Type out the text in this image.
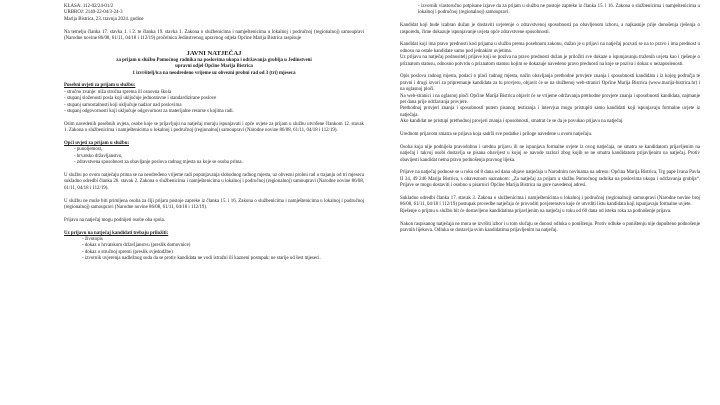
KLASA: 112-02/24-01/2

URBROJ: 2140-22-04/3-24-3

Marija Bistrica, 23. travnja 2024. godine

Na temelju članka 17. stavka 1. i 2. te članka 19. stavka 1. Zakona o službenicima i namještenicima u lokalnoj i područnoj (regionalnoj) samoupravi (Narodne novine 86/08, 61/11, 04/18 i 112/19) pročelnica Jedinstvenog upravnog odjela Općine Marija Bistrica raspisuje

JAVNI NATJEČAJ

za prijam u službu Pomoćnog radnika na poslovima ukopa i održavanja groblja u Jedinstveni

upravni odjel Općine Marija Bistrica

1 izvršitelj/ica na neodređeno vrijeme uz obvezni probni rad od 3 (tri) mjeseca

Posebni uvjeti za prijam u službu:

- stručno zvanje: niža stručna sprema ili osnovna škola

- stupanj složenosti posla koji uključuje jednostavne i standardizirane poslove

- stupanj samostalnosti koji uključuje nadzor nad poslovima

- stupanj odgovornosti koji uključuje odgovornost za materijalne resurse s kojima radi.

Osim navedenih posebnih uvjeta, osobe koje se prijavljuju na natječaj moraju ispunjavati i opće uvjete za prijam u službu utvrđene člankom 12. stavak 1. Zakona o službenicima i namještenicima u lokalnoj i područnoj (regionalnoj) samoupravi (Narodne novine 86/08, 61/11, 04/18 i 112/19).

Opći uvjeti za prijam u službu:

- punoljetnost,

- hrvatsko državljanstvo,

- zdravstvena sposobnost za obavljanje poslova radnog mjesta na koje se osoba prima.

U službu po ovom natječaju prima se na neodređeno vrijeme radi popunjavanja slobodnog radnog mjesta, uz obvezni probni rad u trajanju od tri mjeseca sukladno odredbi članka 26. stavak 2. Zakona o službenicima i namještenicima u lokalnoj i područnoj (regionalnoj) samoupravi (Narodne novine 86/08, 61/11, 04/18 i 112/19).

U službu ne može biti primljena osoba za čiji prijam postoje zapreke iz članka 15. i 16. Zakona o službenicima i namještenicima u lokalnoj i područnoj (regionalnoj) samoupravi (Narodne novine 86/08, 61/11, 04/18 i 112/19).

Prijavu na natječaj mogu podnijeti osobe oba spola.

Uz prijavu na natječaj kandidati trebaju priložiti:

- životopis

- dokaz o hrvatskom državljanstvu (preslik domovnice)

- dokaz o stručnoj spremi (preslik svjedodžbe)

- izvornik uvjerenja nadležnog suda da se protiv kandidata ne vodi istražni ili kazneni postupak; ne starije od šest mjeseci.

- izvornik vlastoručno potpisane izjave da za prijam u službu ne postoje zapreke iz članka 15. i 16. Zakona o službenicima i namještenicima u lokalnoj i područnoj (regionalnoj) samoupravi.

Kandidat koji bude izabran dužan je dostaviti uvjerenje o zdravstvenoj sposobnosti po obavljenom izboru, a najkasnije prije donošenja rješenja o rasporedu, čime dokazuje ispunjavanje uvjeta opće zdravstvene sposobnosti.

Kandidat koji ima pravo prednosti kod prijama u službu prema posebnom zakonu, dužan je u prijavi na natječaj pozvati se na to pravo i ima prednost u odnosu na ostale kandidate samo pod jednakim uvjetima.

Uz prijavu na natječaj podnositelj prijave koji se poziva na pravo prednosti dužan je priložiti sve dokaze o ispunjavanju traženih uvjeta kao i rješenje o priznatom statusu, odnosno potvrdu o priznatom statusu kojim se dokazuje navedeno pravo prednosti na koje se poziva i dokaz o nezaposlenosti.

Opis poslova radnog mjesta, podaci o plaći radnog mjesta, način obavljanja prethodne provjere znanja i sposobnosti kandidata i iz kojeg područja te pravni i drugi izvori za pripremanje kandidata za tu provjeru, objavit će se na službenoj web-stranici Općine Marija Bistrica (www.marija-bistrica.hr) i na oglasnoj ploči.

Na web-stranici i na oglasnoj ploči Općine Marija Bistrica objavit će se vrijeme održavanja prethodne provjere znanja i sposobnosti kandidata, najmanje pet dana prije održavanja provjere.

Prethodnoj provjeri znanja i sposobnosti putem pisanog testiranja i intervjua mogu pristupiti samo kandidati koji ispunjavaju formalne uvjete iz natječaja.

Ako kandidat ne pristupi prethodnoj provjeri znanja i sposobnosti, smatrat će se da je povukao prijavu na natječaj.

Urednom prijavom smatra se prijava koja sadrži sve podatke i priloge navedene u ovom natječaju.

Osoba koja nije podnijela pravodobnu i urednu prijavu ili ne ispunjava formalne uvjete iz ovog natječaja, ne smatra se kandidatom prijavljenim na natječaj i takvoj osobi dostavlja se pisana obavijest u kojoj se navode razlozi zbog kojih se ne smatra kandidatom prijavljenim na natječaj. Protiv obavijesti kandidat nema pravo podnošenja pravnog lijeka.

Prijave na natječaj podnose se u roku od 8 dana od dana objave natječaja u Narodnim novinama na adresu: Općina Marija Bistrica, Trg pape Ivana Pavla II 34, 49 246 Marija Bistrica, s obaveznom naznakom: „Za natječaj za prijam u službu Pomoćnog radnika na poslovima ukopa i održavanja groblja“. Prijave se mogu dostaviti i osobno u pisarnici Općine Marija Bistrica na gore navedenoj adresi.

Sukladno odredbi članka 17. stavak 3. Zakona o službenicima i namještenicima u lokalnoj i područnoj (regionalnoj) samoupravi (Narodne novine broj 86/08, 61/11, 04/18 i 112/19) postupak provedbe natječaja će provoditi povjerenstvo koje će utvrditi listu kandidata koji ispunjavaju formalne uvjete.

Rješenje o prijmu u službu bit će dostavljeno kandidatima prijavljenim na natječaj u roku od 60 dana od isteka roka za podnošenje prijava.

Nakon raspisanog natječaja ne mora se izvršiti izbor i u tom slučaju se donosi odluka o poništenju. Protiv odluke o poništenju nije dopušteno podnošenje pravnih lijekova. Odluka se dostavlja svim kandidatima prijavljenim na natječaj.
